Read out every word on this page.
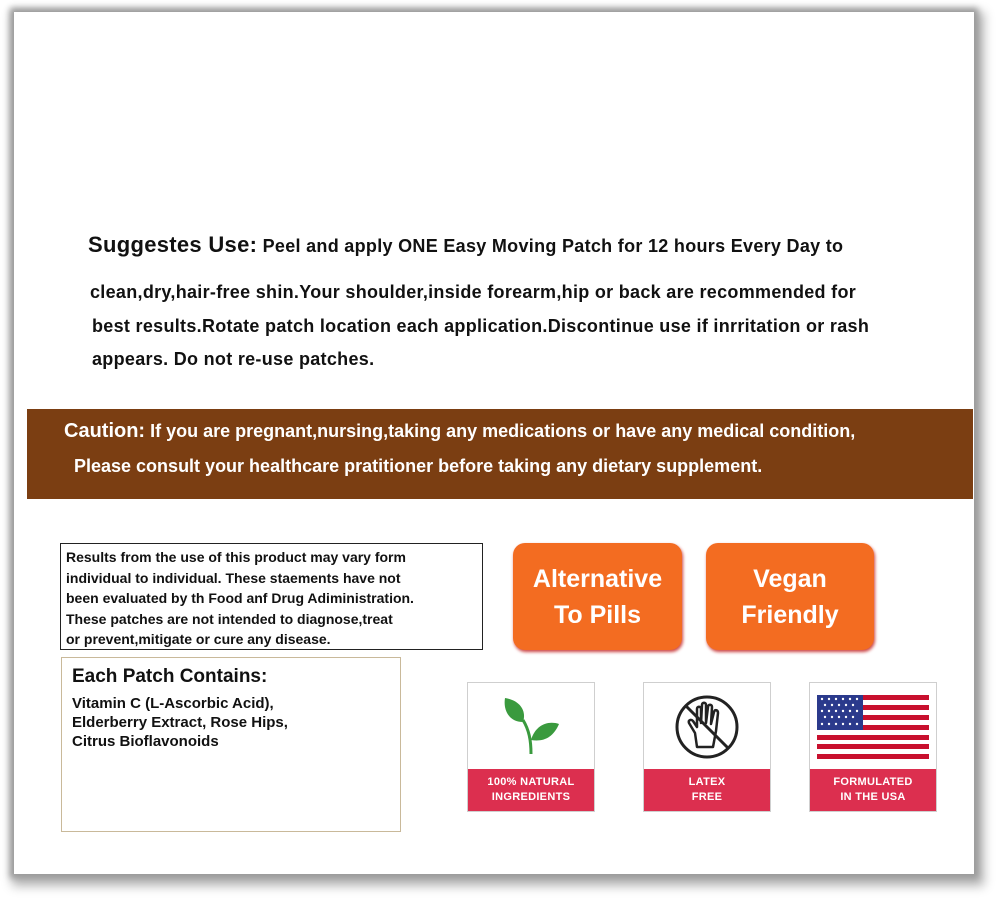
Suggestes Use: Peel and apply ONE Easy Moving Patch for 12 hours Every Day to
clean,dry,hair-free shin.Your shoulder,inside forearm,hip or back are recommended for
best results.Rotate patch location each application.Discontinue use if inrritation or rash
appears. Do not re-use patches.
Caution: If you are pregnant,nursing,taking any medications or have any medical condition,
Please consult your healthcare pratitioner before taking any dietary supplement.
Results from the use of this product may vary form
individual to individual. These staements have not
been evaluated by th Food anf Drug Adiministration.
These patches are not intended to diagnose,treat
or prevent,mitigate or cure any disease.
Each Patch Contains:
Vitamin C (L-Ascorbic Acid),
Elderberry Extract, Rose Hips,
Citrus Bioflavonoids
Alternative
To Pills
Vegan
Friendly
100% NATURAL
INGREDIENTS
LATEX
FREE
FORMULATED
IN THE USA
